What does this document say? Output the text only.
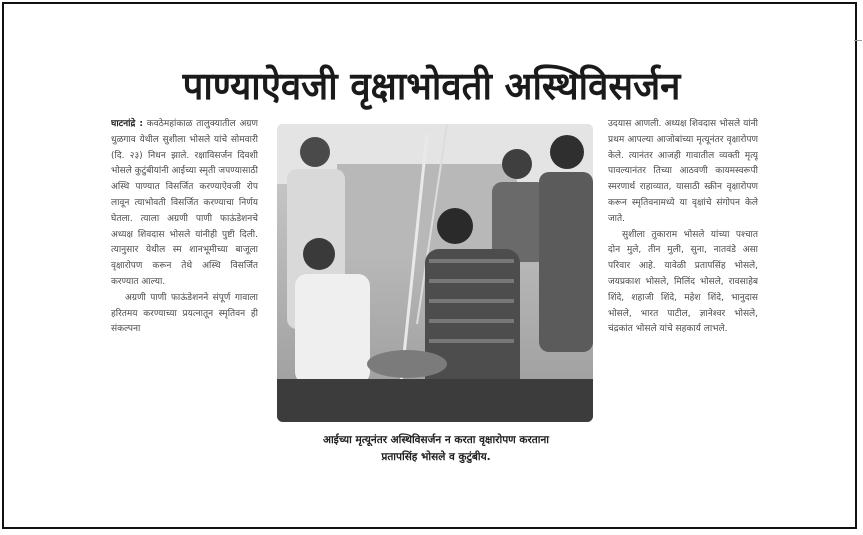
पाण्याऐवजी वृक्षाभोवती अस्थिविसर्जन

घाटनांद्रे : कवठेमहांकाळ तालुक्यातील अग्रण धुळगाव येथील सुशीला भोसले यांचे सोमवारी (दि. २३) निधन झाले. रक्षाविसर्जन दिवशी भोसले कुटुंबीयांनी आईच्या स्मृती जपण्यासाठी अस्थि पाण्यात विसर्जित करण्याऐवजी रोप लावून त्याभोवती विसर्जित करण्याचा निर्णय घेतला. त्याला अग्रणी पाणी फाऊंडेशनचे अध्यक्ष शिवदास भोसले यांनीही पुष्टी दिली. त्यानुसार येथील स्म शानभूमीच्या बाजूला वृक्षारोपण करून तेथे अस्थि विसर्जित करण्यात आल्या.

अग्रणी पाणी फाऊंडेशनने संपूर्ण गावाला हरितमय करण्याच्या प्रयत्नातून स्मृतिवन ही संकल्पना

आईच्या मृत्यूनंतर अस्थिविसर्जन न करता वृक्षारोपण करताना
प्रतापसिंह भोसले व कुटुंबीय.

उदयास आणली. अध्यक्ष शिवदास भोसले यांनी प्रथम आपल्या आजोबांच्या मृत्यूनंतर वृक्षारोपण केले. त्यानंतर आजही गावातील व्यक्ती मृत्यू पावल्यानंतर तिच्या आठवणी कायमस्वरूपी स्मरणार्थ राहाव्यात, यासाठी स्क्रीन वृक्षारोपण करून स्मृतिवनामध्ये या वृक्षांचे संगोपन केले जाते.

सुशीला तुकाराम भोसले यांच्या पश्चात दोन मुले, तीन मुली, सुना, नातवंडे असा परिवार आहे. यावेळी प्रतापसिंह भोसले, जयप्रकाश भोसले, मिलिंद भोसले, रावसाहेब शिंदे, शहाजी शिंदे, महेश शिंदे, भानुदास भोसले, भारत पाटील, ज्ञानेश्वर भोसले, चंद्रकांत भोसले यांचे सहकार्य लाभले.
